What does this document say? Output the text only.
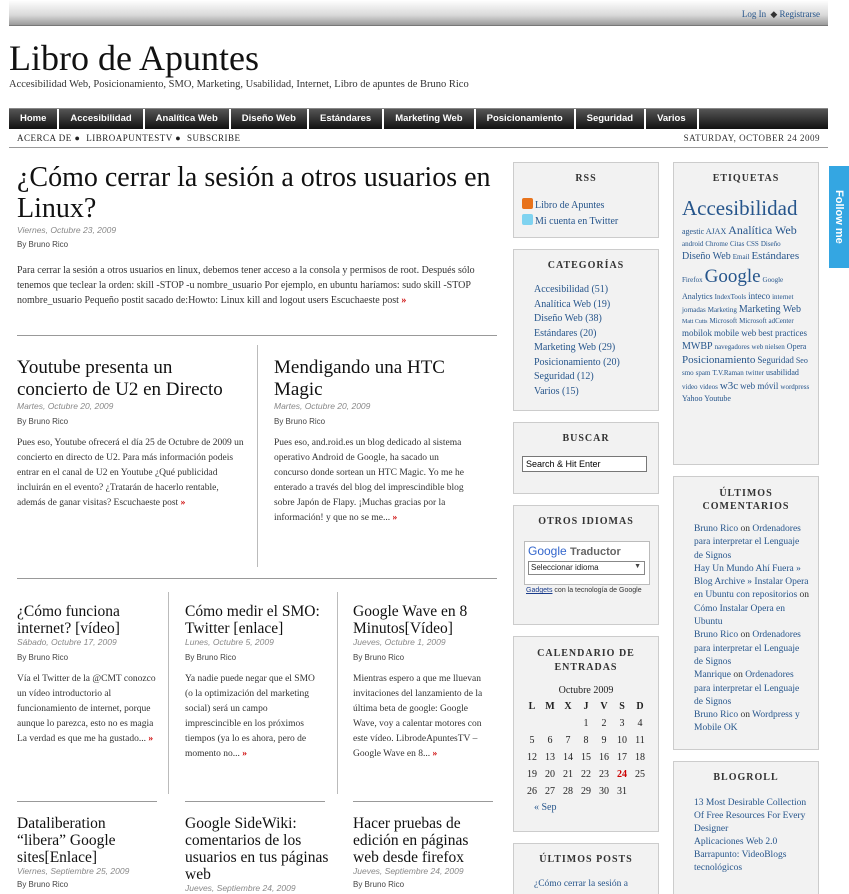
Log In ◆ Registrarse
Libro de Apuntes
Accesibilidad Web, Posicionamiento, SMO, Marketing, Usabilidad, Internet, Libro de apuntes de Bruno Rico
Home	Accesibilidad	Analítica Web	Diseño Web	Estándares	Marketing Web	Posicionamiento	Seguridad	Varios
ACERCA DE ● LIBROAPUNTESTV ● SUBSCRIBE	SATURDAY, OCTOBER 24 2009
¿Cómo cerrar la sesión a otros usuarios en Linux?
Viernes, Octubre 23, 2009
By Bruno Rico

Para cerrar la sesión a otros usuarios en linux, debemos tener acceso a la consola y permisos de root. Después sólo tenemos que teclear la orden: skill -STOP -u nombre_usuario Por ejemplo, en ubuntu haríamos: sudo skill -STOP nombre_usuario Pequeño postit sacado de:Howto: Linux kill and logout users Escuchaeste post »

Youtube presenta un concierto de U2 en Directo
Martes, Octubre 20, 2009
By Bruno Rico

Pues eso, Youtube ofrecerá el día 25 de Octubre de 2009 un concierto en directo de U2. Para más información podeis entrar en el canal de U2 en Youtube ¿Qué publicidad incluirán en el evento? ¿Tratarán de hacerlo rentable, además de ganar visitas? Escuchaeste post »

Mendigando una HTC Magic
Martes, Octubre 20, 2009
By Bruno Rico

Pues eso, and.roid.es un blog dedicado al sistema operativo Android de Google, ha sacado un concurso donde sortean un HTC Magic. Yo me he enterado a través del blog del imprescindible blog sobre Japón de Flapy. ¡Muchas gracias por la información! y que no se me... »

¿Cómo funciona internet? [vídeo]
Sábado, Octubre 17, 2009
By Bruno Rico

Vía el Twitter de la @CMT conozco un vídeo introductorio al funcionamiento de internet, porque aunque lo parezca, esto no es magia La verdad es que me ha gustado... »

Cómo medir el SMO: Twitter [enlace]
Lunes, Octubre 5, 2009
By Bruno Rico

Ya nadie puede negar que el SMO (o la optimización del marketing social) será un campo imprescincible en los próximos tiempos (ya lo es ahora, pero de momento no... »

Google Wave en 8 Minutos[Vídeo]
Jueves, Octubre 1, 2009
By Bruno Rico

Mientras espero a que me lluevan invitaciones del lanzamiento de la última beta de google: Google Wave, voy a calentar motores con este vídeo. LibrodeApuntesTV – Google Wave en 8... »

Dataliberation “libera” Google sites[Enlace]
Viernes, Septiembre 25, 2009
By Bruno Rico
Google SideWiki: comentarios de los usuarios en tus páginas web
Jueves, Septiembre 24, 2009
Hacer pruebas de edición en páginas web desde firefox
Jueves, Septiembre 24, 2009
By Bruno Rico
RSS
Libro de Apuntes
Mi cuenta en Twitter
CATEGORÍAS
Accesibilidad (51)
Analítica Web (19)
Diseño Web (38)
Estándares (20)
Marketing Web (29)
Posicionamiento (20)
Seguridad (12)
Varios (15)
BUSCAR
Search & Hit Enter
OTROS IDIOMAS
Google Traductor
Seleccionar idioma ▼
Gadgets con la tecnología de Google
CALENDARIO DE ENTRADAS
Octubre 2009
L	M	X	J	V	S	D
			1	2	3	4
5	6	7	8	9	10	11
12	13	14	15	16	17	18
19	20	21	22	23	24	25
26	27	28	29	30	31	
« Sep
ÚLTIMOS POSTS
¿Cómo cerrar la sesión a
ETIQUETAS
Accesibilidad agestic AJAX Analítica Web android Chrome Citas CSS Diseño Diseño Web Email Estándares Firefox Google Google Analytics IndexTools inteco internet jornadas Marketing Marketing Web Matt Cutts Microsoft Microsoft adCenter mobilok mobile web best practices MWBP navegadores web nielsen Opera Posicionamiento Seguridad Seo smo spam T.V.Raman twitter usabilidad video videos w3c web móvil wordpress Yahoo Youtube
ÚLTIMOS COMENTARIOS
Bruno Rico on Ordenadores para interpretar el Lenguaje de Signos
Hay Un Mundo Ahí Fuera » Blog Archive » Instalar Opera en Ubuntu con repositorios on Cómo Instalar Opera en Ubuntu
Bruno Rico on Ordenadores para interpretar el Lenguaje de Signos
Manrique on Ordenadores para interpretar el Lenguaje de Signos
Bruno Rico on Wordpress y Mobile OK
BLOGROLL

13 Most Desirable Collection Of Free Resources For Every Designer

Aplicaciones Web 2.0

Barrapunto: VideoBlogs tecnológicos

Follow me
